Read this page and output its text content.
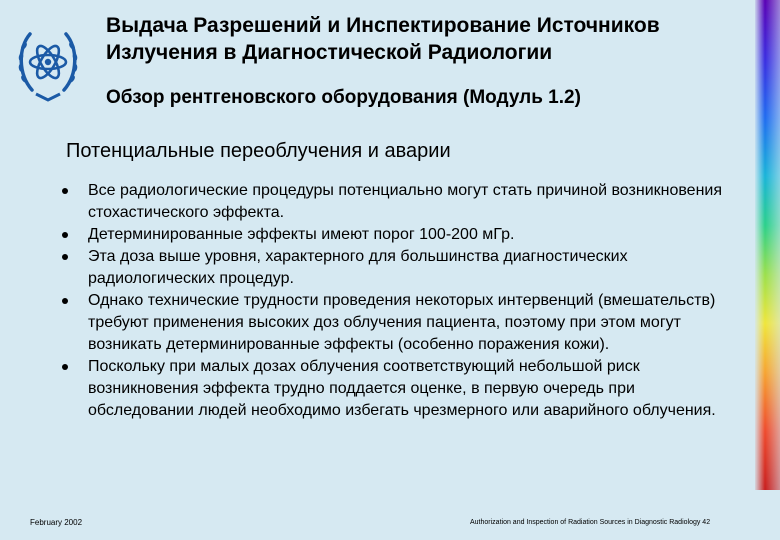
Выдача Разрешений и Инспектирование Источников
Излучения в Диагностической Радиологии
Обзор рентгеновского оборудования (Модуль 1.2)
Потенциальные переоблучения и аварии
Все радиологические процедуры потенциально могут стать причиной возникновения стохастического эффекта.
Детерминированные эффекты имеют порог 100-200 мГр.
Эта доза выше уровня, характерного для большинства диагностических радиологических процедур.
Однако технические трудности проведения некоторых интервенций (вмешательств) требуют применения высоких доз облучения пациента, поэтому при этом могут возникать детерминированные эффекты (особенно поражения кожи).
Поскольку при малых дозах облучения соответствующий небольшой риск возникновения эффекта трудно поддается оценке, в первую очередь при обследовании людей необходимо избегать чрезмерного или аварийного облучения.
February 2002	Authorization and Inspection of Radiation Sources in Diagnostic Radiology 42
